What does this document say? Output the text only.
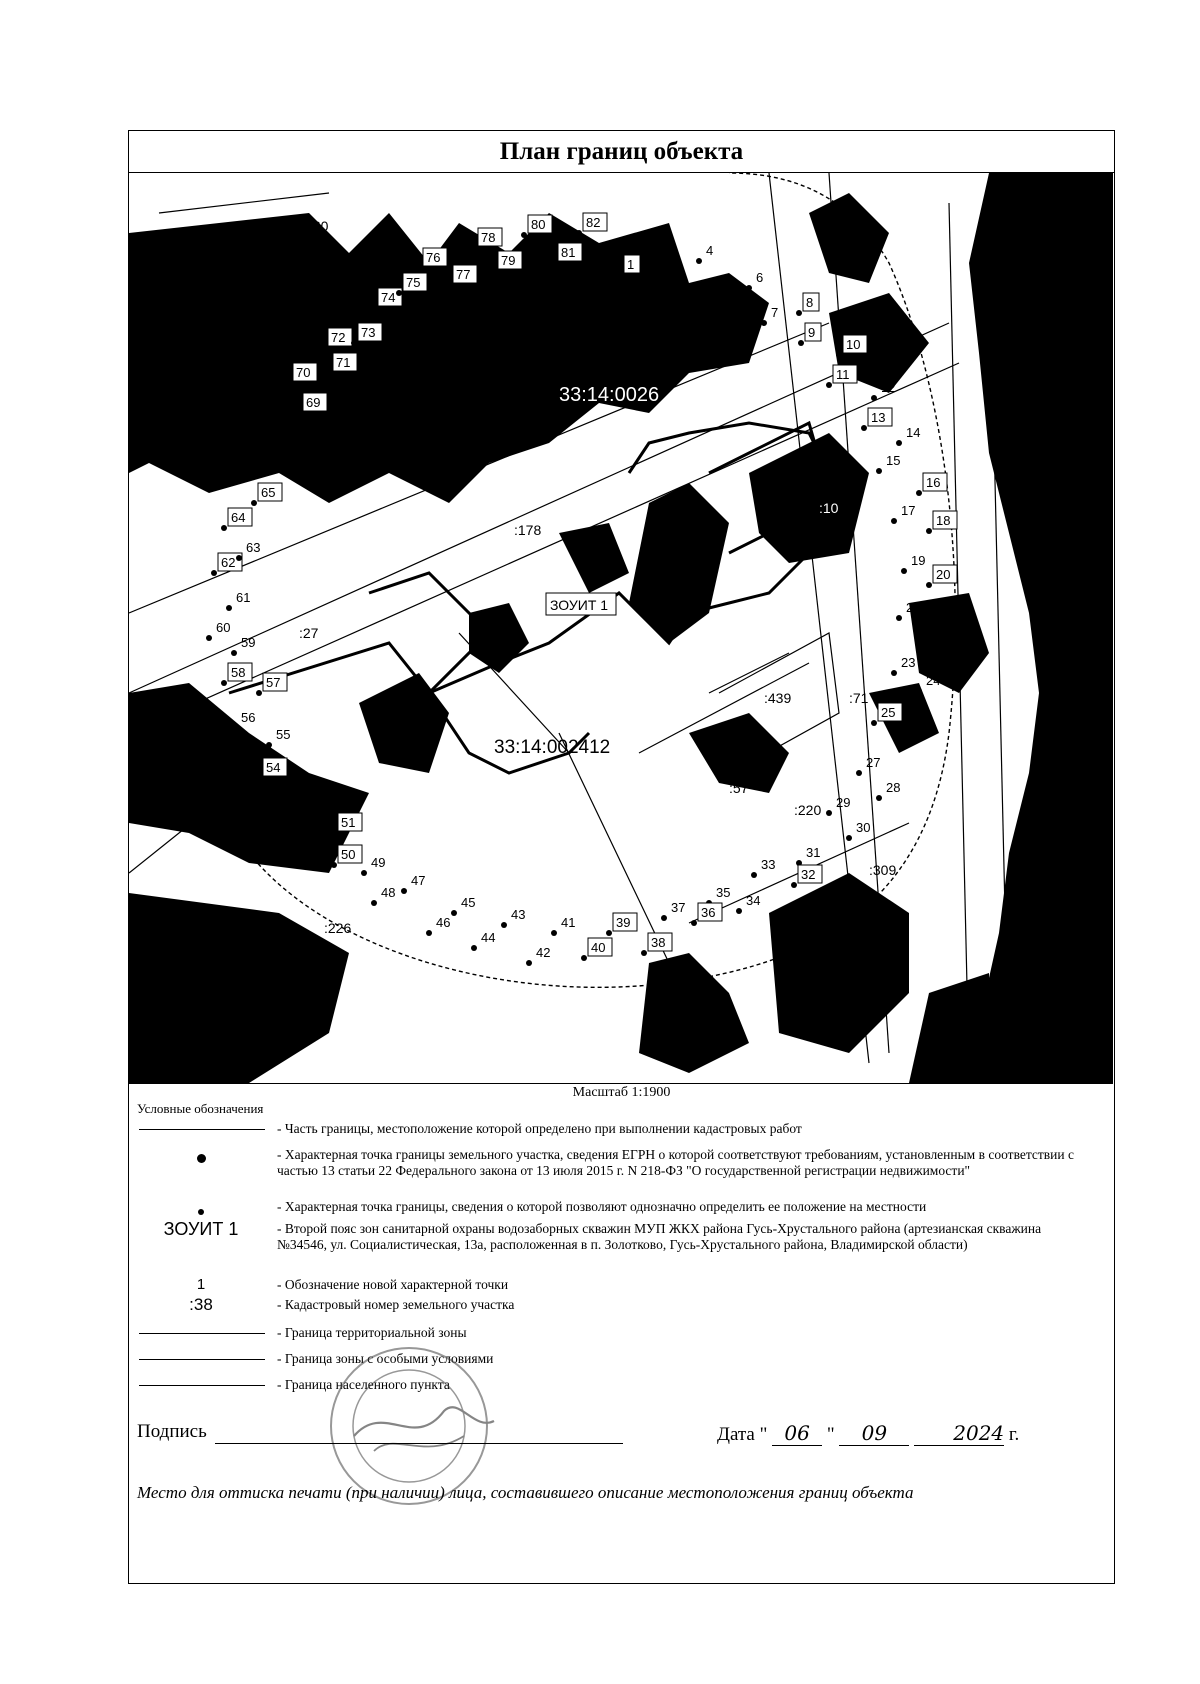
План границ объекта
:60
:5
33:14:0026
33:14:002412
:178
:439	:71
:57
:220
:226	:1
:309
:4
:88
:27
:10
ЗОУИТ 1
1
2
3
4
5
6
7
8
9
10
11
12
13
14
15
16
17
18
19
20
21
22
23
24
25
26
27
28
29
30
31
32
33
34
35
36
37
38
39
40
41
42
43
44
45
46
47
48
49
50
51
52
53
54
55
56
57
58
59
60
61
62
63
64
65
66
67
68
69
70
71
72 73
74
75
76
77
78
79
80
81
82
Масштаб 1:1900
Условные обозначения
- Часть границы, местоположение которой определено при выполнении кадастровых работ
- Характерная точка границы земельного участка, сведения ЕГРН о которой соответствуют требованиям, установленным в соответствии с частью 13 статьи 22 Федерального закона от 13 июля 2015 г. N 218-ФЗ "О государственной регистрации недвижимости"
- Характерная точка границы, сведения о которой позволяют однозначно определить ее положение на местности
ЗОУИТ 1	- Второй пояс зон санитарной охраны водозаборных скважин МУП ЖКХ района Гусь-Хрустального района (артезианская скважина №34546, ул. Социалистическая, 13а, расположенная в п. Золотково, Гусь-Хрустального района, Владимирской области)
1	- Обозначение новой характерной точки
:38	- Кадастровый номер земельного участка
- Граница территориальной зоны
- Граница зоны с особыми условиями
- Граница населенного пункта
Подпись	Дата " 06 " 09	2024 г.
Место для оттиска печати (при наличии) лица, составившего описание местоположения границ объекта
